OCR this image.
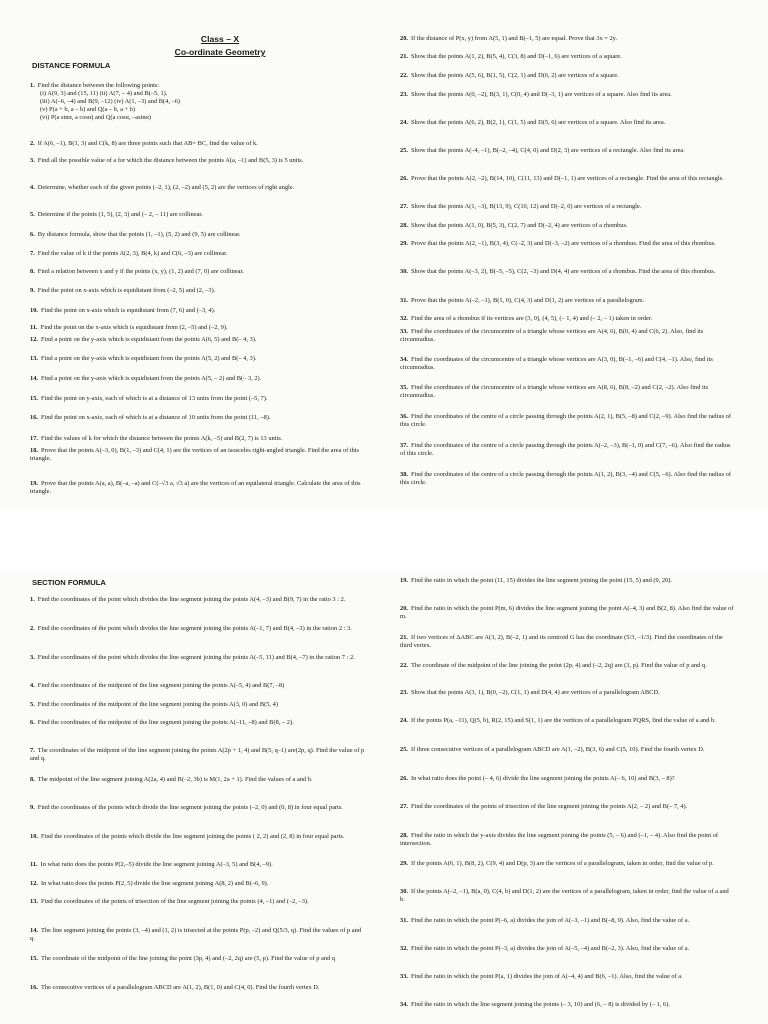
Class – X
Co-ordinate Geometry
DISTANCE FORMULA
1. Find the distance between the following points:
(i) A(9, 3) and (15, 11) (ii) A(7, – 4) and B(–5, 1).
(iii) A(–6, –4) and B(9, –12) (iv) A(1, –3) and B(4, –6)
(v) P(a + b, a – b) and Q(a – b, a + b)
(vi) P(a sinα, a cosα) and Q(a cosα, –asinα)
2. If A(6, –1), B(1, 3) and C(k, 8) are three points such that AB= BC, find the value of k.
3. Find all the possible value of a for which the distance between the points A(a, –1) and B(5, 3) is 5 units.
4. Determine, whether each of the given points (–2, 1), (2, –2) and (5, 2) are the vertices of right angle.
5. Determine if the points (1, 5), (2, 3) and (– 2, – 11) are collinear.
6. By distance formula, show that the points (1, –1), (5, 2) and (9, 5) are collinear.
7. Find the value of k if the points A(2, 3), B(4, k) and C(6, –3) are collinear.
8. Find a relation between x and y if the points (x, y), (1, 2) and (7, 0) are collinear.
9. Find the point on x-axis which is equidistant from (–2, 5) and (2, –3).
10. Find the point on x-axis which is equidistant from (7, 6) and (–3, 4).
11. Find the point on the x-axis which is equidistant from (2, –5) and (–2, 9).
12. Find a point on the y-axis which is equidistant from the points A(6, 5) and B(– 4, 3).
13. Find a point on the y-axis which is equidistant from the points A(5, 2) and B(– 4, 3).
14. Find a point on the y-axis which is equidistant from the points A(5, – 2) and B(– 3, 2).
15. Find the point on y-axis, each of which is at a distance of 13 units from the point (–5, 7).
16. Find the point on x-axis, each of which is at a distance of 10 units from the point (11, –8).
17. Find the values of k for which the distance between the points A(k, –5) and B(2, 7) is 13 units.
18. Prove that the points A(–3, 0), B(1, –3) and C(4, 1) are the vertices of an isosceles right-angled triangle. Find the area of this triangle.
19. Prove that the points A(a, a), B(–a, –a) and C(–√3 a, √3 a) are the vertices of an equilateral triangle. Calculate the area of this triangle.
20. If the distance of P(x, y) from A(5, 1) and B(–1, 5) are equal. Prove that 3x = 2y.
21. Show that the points A(1, 2), B(5, 4), C(3, 8) and D(–1, 6) are vertices of a square.
22. Show that the points A(5, 6), B(1, 5), C(2, 1) and D(6, 2) are vertices of a square.
23. Show that the points A(0, –2), B(3, 1), C(0, 4) and D(–3, 1) are vertices of a square. Also find its area.
24. Show that the points A(6, 2), B(2, 1), C(1, 5) and D(5, 6) are vertices of a square. Also find its area.
25. Show that the points A(–4, –1), B(–2, –4), C(4, 0) and D(2, 3) are vertices of a rectangle. Also find its area.
26. Prove that the points A(2, –2), B(14, 10), C(11, 13) and D(–1, 1) are vertices of a rectangle. Find the area of this rectangle.
27. Show that the points A(1, –3), B(13, 9), C(10, 12) and D(–2, 0) are vertices of a rectangle.
28. Show that the points A(1, 0), B(5, 3), C(2, 7) and D(–2, 4) are vertices of a rhombus.
29. Prove that the points A(2, –1), B(3, 4), C(–2, 3) and D(–3, –2) are vertices of a rhombus. Find the area of this rhombus.
30. Show that the points A(–3, 2), B(–5, –5), C(2, –3) and D(4, 4) are vertices of a rhombus. Find the area of this rhombus.
31. Prove that the points A(–2, –1), B(1, 0), C(4, 3) and D(1, 2) are vertices of a parallelogram.
32. Find the area of a rhombus if its vertices are (3, 0), (4, 5), (– 1, 4) and (– 2, – 1) taken in order.
33. Find the coordinates of the circumcentre of a triangle whose vertices are A(4, 6), B(0, 4) and C(6, 2). Also, find its circumradius.
34. Find the coordinates of the circumcentre of a triangle whose vertices are A(3, 0), B(–1, –6) and C(4, –1). Also, find its circumradius.
35. Find the coordinates of the circumcentre of a triangle whose vertices are A(8, 6), B(8, –2) and C(2, –2). Also find its circumradius.
36. Find the coordinates of the centre of a circle passing through the points A(2, 1), B(5, –8) and C(2, –9). Also find the radius of this circle.
37. Find the coordinates of the centre of a circle passing through the points A(–2, –3), B(–1, 0) and C(7, –6). Also find the radius of this circle.
38. Find the coordinates of the centre of a circle passing through the points A(1, 2), B(3, –4) and C(5, –6). Also find the radius of this circle.
SECTION FORMULA
1. Find the coordinates of the point which divides the line segment joining the points A(4, –3) and B(9, 7) in the ratio 3 : 2.
2. Find the coordinates of the point which divides the line segment joining the points A(–1, 7) and B(4, –3) in the ration 2 : 3.
3. Find the coordinates of the point which divides the line segment joining the points A(–5, 11) and B(4, –7) in the ration 7 : 2.
4. Find the coordinates of the midpoint of the line segment joining the points A(–5, 4) and B(7, –8)
5. Find the coordinates of the midpoint of the line segment joining the points A(3, 0) and B(5, 4)
6. Find the coordinates of the midpoint of the line segment joining the points A(–11, –8) and B(8, – 2).
7. The coordinates of the midpoint of the line segment joining the points A(2p + 1, 4) and B(5, q–1) are(2p, q). Find the value of p and q.
8. The midpoint of the line segment joining A(2a, 4) and B(–2, 3b) is M(1, 2a + 1). Find the values of a and b.
9. Find the coordinates of the points which divide the line segment joining the points (–2, 0) and (0, 8) in four equal parts.
10. Find the coordinates of the points which divide the line segment joining the points ( 2, 2) and (2, 8) in four equal parts.
11. In what ratio does the points P(2,–5) divide the line segment joining A(–3, 5) and B(4, –9).
12. In what ratio does the points P(2, 5) divide the line segment joining A(8, 2) and B(–6, 9).
13. Find the coordinates of the points of trisection of the line segment joining the points (4, –1) and (–2, –3).
14. The line segment joining the points (3, –4) and (1, 2) is trisected at the points P(p, –2) and Q(5/3, q). Find the values of p and q.
15. The coordinate of the midpoint of the line joining the point (3p, 4) and (–2, 2q) are (5, p). Find the value of p and q
16. The consecutive vertices of a parallelogram ABCD are A(1, 2), B(1, 0) and C(4, 0). Find the fourth vertex D.
19. Find the ratio in which the point (11, 15) divides the line segment joining the point (15, 5) and (9, 20).
20. Find the ratio in which the point P(m, 6) divides the line segment joining the point A(–4, 3) and B(2, 8). Also find the value of m.
21. If two vertices of ΔABC are A(3, 2), B(–2, 1) and its centroid G has the coordinate (5/3, –1/3). Find the coordinates of the third vertex.
22. The coordinate of the midpoint of the line joining the point (2p, 4) and (–2, 2q) are (3, p). Find the value of p and q.
23. Show that the points A(3, 1), B(0, –2), C(1, 1) and D(4, 4) are vertices of a parallelogram ABCD.
24. If the points P(a, –11), Q(5, b), R(2, 15) and S(1, 1) are the vertices of a parallelogram PQRS, find the value of a and b.
25. If three consecutive vertices of a parallelogram ABCD are A(1, –2), B(3, 6) and C(5, 10). Find the fourth vertex D.
26. In what ratio does the point (– 4, 6) divide the line segment joining the points A(– 6, 10) and B(3, – 8)?
27. Find the coordinates of the points of trisection of the line segment joining the points A(2, – 2) and B(– 7, 4).
28. Find the ratio in which the y-axis divides the line segment joining the points (5, – 6) and (–1, – 4). Also find the point of intersection.
29. If the points A(6, 1), B(8, 2), C(9, 4) and D(p, 3) are the vertices of a parallelogram, taken in order, find the value of p.
30. If the points A(–2, –1), B(a, 0), C(4, b) and D(1, 2) are the vertices of a parallelogram, taken in order, find the value of a and b.
31. Find the ratio in which the point P(–6, a) divides the join of A(–3, –1) and B(–8, 9). Also, find the value of a.
32. Find the ratio in which the point P(–3, a) divides the join of A(–5, –4) and B(–2, 3). Also, find the value of a.
33. Find the ratio in which the point P(a, 1) divides the join of A(–4, 4) and B(6, –1). Also, find the value of a.
34. Find the ratio in which the line segment joining the points (– 3, 10) and (6, – 8) is divided by (– 1, 6).
